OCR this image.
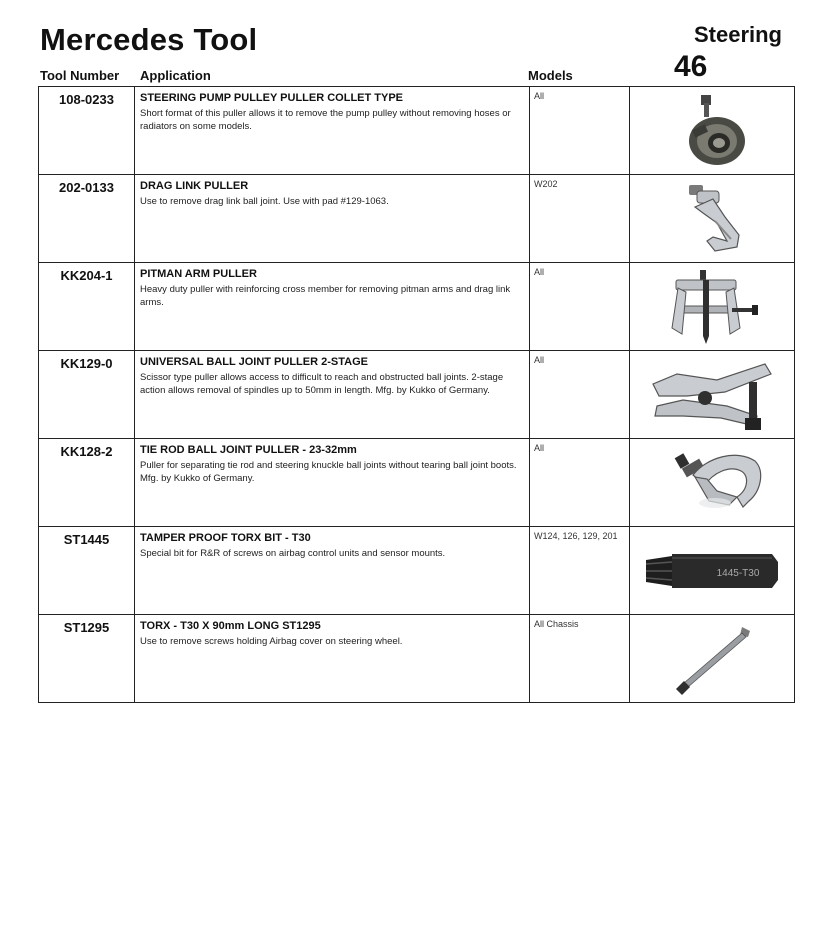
Mercedes Tool	Steering
46
Tool Number Application	Models
108-0233	STEERING PUMP PULLEY PULLER COLLET TYPE
Short format of this puller allows it to remove the pump pulley without removing hoses or radiators on some models.	All	

202-0133	DRAG LINK PULLER
Use to remove drag link ball joint. Use with pad #129-1063.	W202	

KK204-1	PITMAN ARM PULLER
Heavy duty puller with reinforcing cross member for removing pitman arms and drag link arms.	All	

KK129-0	UNIVERSAL BALL JOINT PULLER 2-STAGE
Scissor type puller allows access to difficult to reach and obstructed ball joints. 2-stage action allows removal of spindles up to 50mm in length. Mfg. by Kukko of Germany.	All	

KK128-2	TIE ROD BALL JOINT PULLER - 23-32mm
Puller for separating tie rod and steering knuckle ball joints without tearing ball joint boots. Mfg. by Kukko of Germany.	All	

ST1445	TAMPER PROOF TORX BIT - T30
Special bit for R&R of screws on airbag control units and sensor mounts.	W124, 126, 129, 201	1445-T30

ST1295	TORX - T30 X 90mm LONG ST1295
Use to remove screws holding Airbag cover on steering wheel.	All Chassis	
